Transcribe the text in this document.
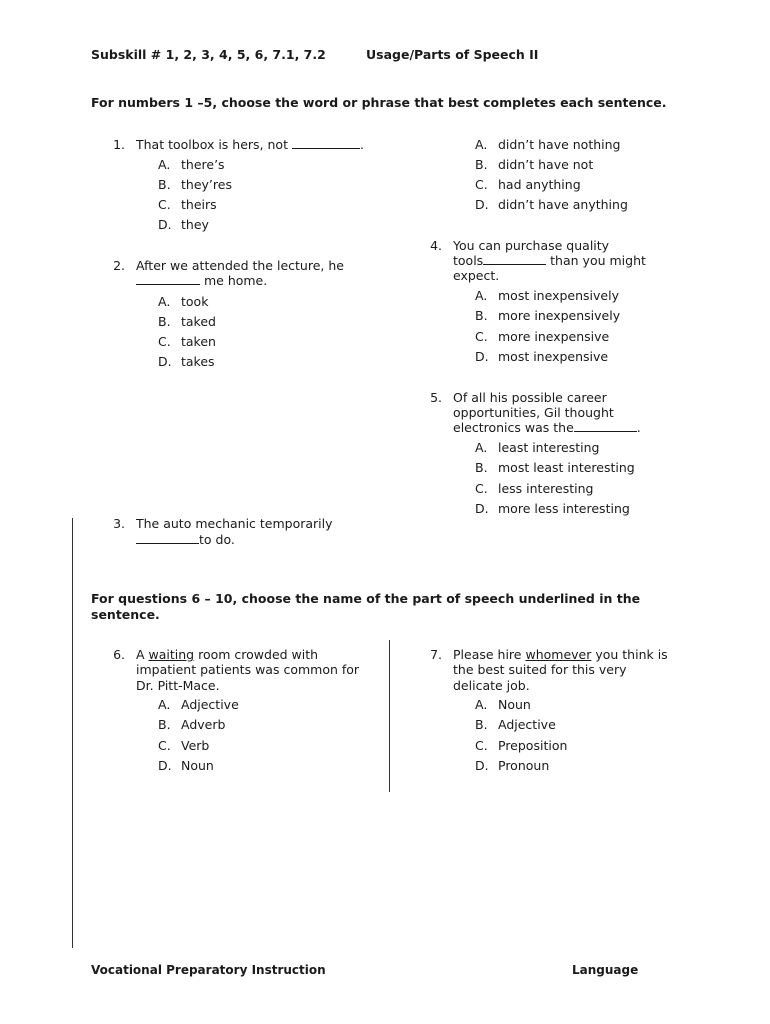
Subskill # 1, 2, 3, 4, 5, 6, 7.1, 7.2	Usage/Parts of Speech II
For numbers 1 –5, choose the word or phrase that best completes each sentence.
1. That toolbox is hers, not	.
A. there’s
B. they’res
C. theirs
D. they
2. After we attended the lecture, he
me home.
A. took
B. taked
C. taken
D. takes
A. didn’t have nothing
B. didn’t have not
C. had anything
D. didn’t have anything
4. You can purchase quality
tools	than you might
expect.
A. most inexpensively
B. more inexpensively
C. more inexpensive
D. most inexpensive
5. Of all his possible career
opportunities, Gil thought
electronics was the	.
A. least interesting
B. most least interesting
C. less interesting
D. more less interesting
3. The auto mechanic temporarily
to do.
For questions 6 – 10, choose the name of the part of speech underlined in the
sentence.
6. A waiting room crowded with
impatient patients was common for
Dr. Pitt-Mace.
A. Adjective
B. Adverb
C. Verb
D. Noun
7. Please hire whomever you think is
the best suited for this very
delicate job.
A. Noun
B. Adjective
C. Preposition
D. Pronoun
Vocational Preparatory Instruction	Language
